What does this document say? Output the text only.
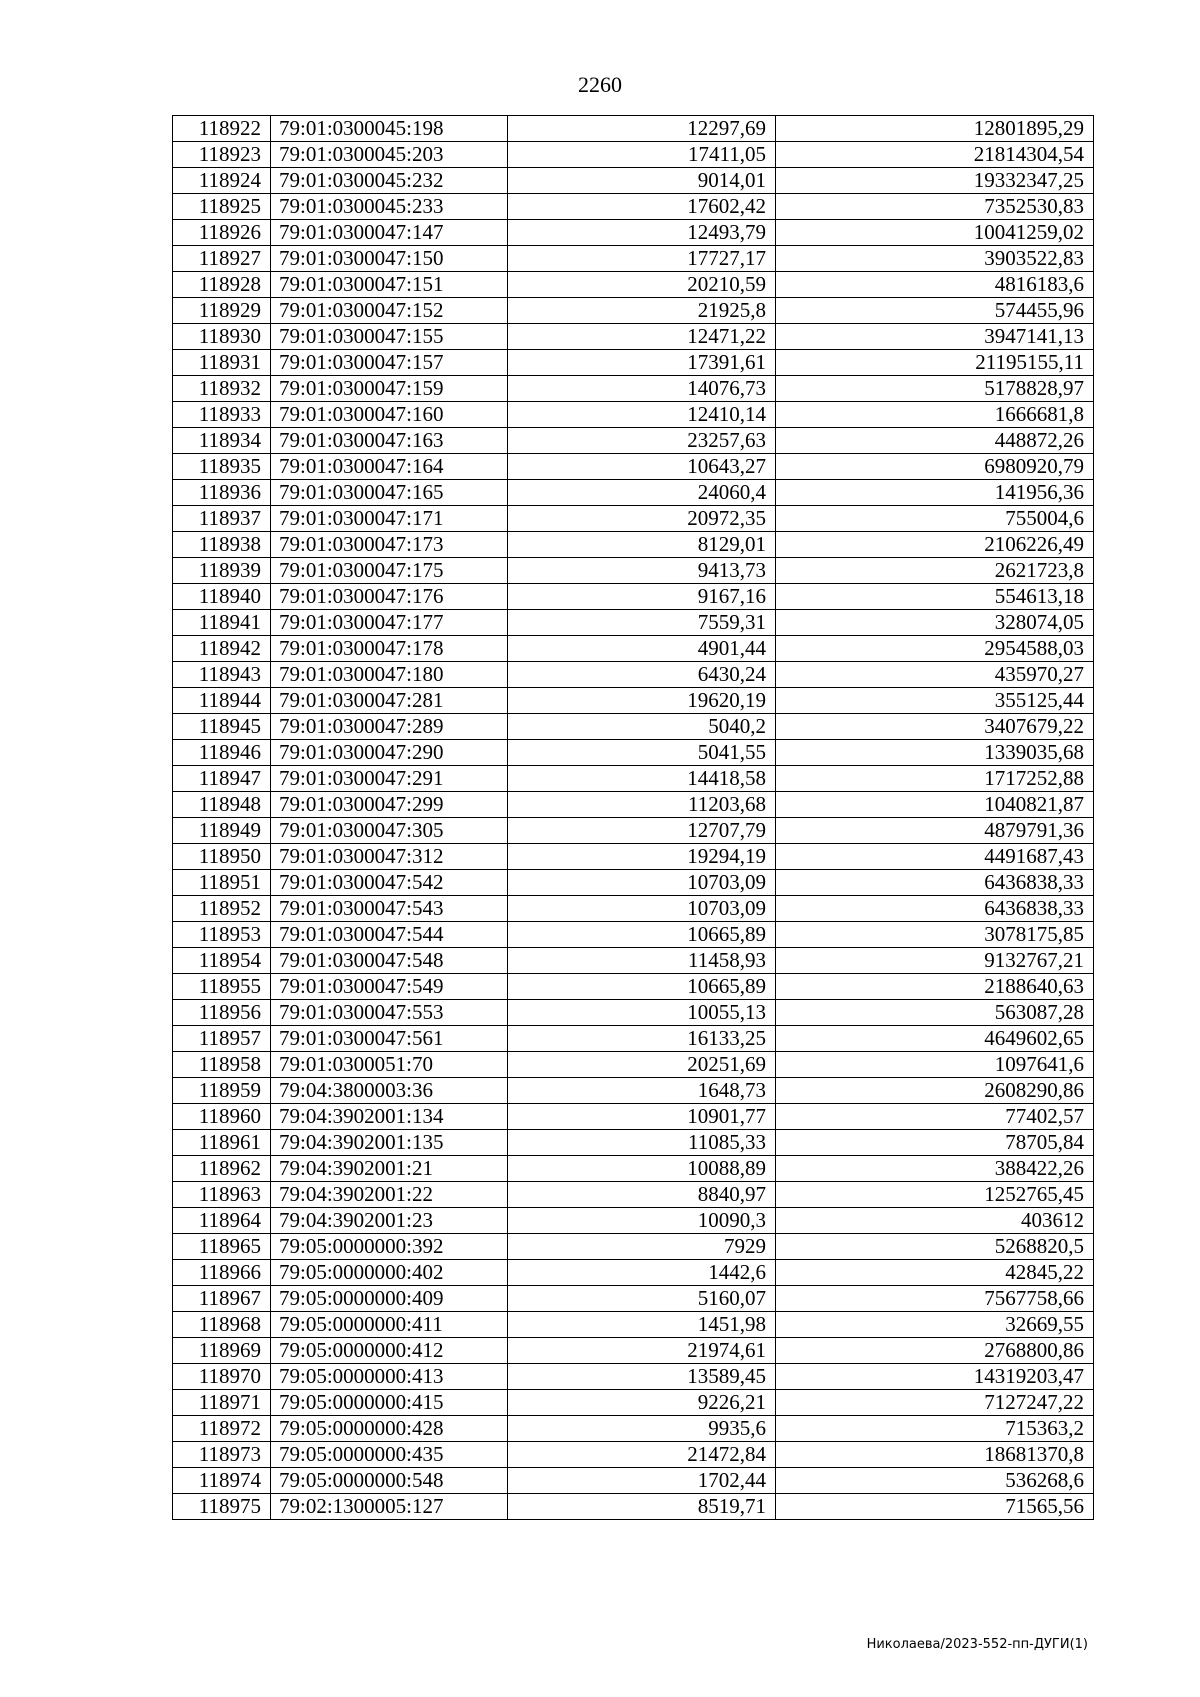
2260
118922	79:01:0300045:198	12297,69	12801895,29
118923	79:01:0300045:203	17411,05	21814304,54
118924	79:01:0300045:232	9014,01	19332347,25
118925	79:01:0300045:233	17602,42	7352530,83
118926	79:01:0300047:147	12493,79	10041259,02
118927	79:01:0300047:150	17727,17	3903522,83
118928	79:01:0300047:151	20210,59	4816183,6
118929	79:01:0300047:152	21925,8	574455,96
118930	79:01:0300047:155	12471,22	3947141,13
118931	79:01:0300047:157	17391,61	21195155,11
118932	79:01:0300047:159	14076,73	5178828,97
118933	79:01:0300047:160	12410,14	1666681,8
118934	79:01:0300047:163	23257,63	448872,26
118935	79:01:0300047:164	10643,27	6980920,79
118936	79:01:0300047:165	24060,4	141956,36
118937	79:01:0300047:171	20972,35	755004,6
118938	79:01:0300047:173	8129,01	2106226,49
118939	79:01:0300047:175	9413,73	2621723,8
118940	79:01:0300047:176	9167,16	554613,18
118941	79:01:0300047:177	7559,31	328074,05
118942	79:01:0300047:178	4901,44	2954588,03
118943	79:01:0300047:180	6430,24	435970,27
118944	79:01:0300047:281	19620,19	355125,44
118945	79:01:0300047:289	5040,2	3407679,22
118946	79:01:0300047:290	5041,55	1339035,68
118947	79:01:0300047:291	14418,58	1717252,88
118948	79:01:0300047:299	11203,68	1040821,87
118949	79:01:0300047:305	12707,79	4879791,36
118950	79:01:0300047:312	19294,19	4491687,43
118951	79:01:0300047:542	10703,09	6436838,33
118952	79:01:0300047:543	10703,09	6436838,33
118953	79:01:0300047:544	10665,89	3078175,85
118954	79:01:0300047:548	11458,93	9132767,21
118955	79:01:0300047:549	10665,89	2188640,63
118956	79:01:0300047:553	10055,13	563087,28
118957	79:01:0300047:561	16133,25	4649602,65
118958	79:01:0300051:70	20251,69	1097641,6
118959	79:04:3800003:36	1648,73	2608290,86
118960	79:04:3902001:134	10901,77	77402,57
118961	79:04:3902001:135	11085,33	78705,84
118962	79:04:3902001:21	10088,89	388422,26
118963	79:04:3902001:22	8840,97	1252765,45
118964	79:04:3902001:23	10090,3	403612
118965	79:05:0000000:392	7929	5268820,5
118966	79:05:0000000:402	1442,6	42845,22
118967	79:05:0000000:409	5160,07	7567758,66
118968	79:05:0000000:411	1451,98	32669,55
118969	79:05:0000000:412	21974,61	2768800,86
118970	79:05:0000000:413	13589,45	14319203,47
118971	79:05:0000000:415	9226,21	7127247,22
118972	79:05:0000000:428	9935,6	715363,2
118973	79:05:0000000:435	21472,84	18681370,8
118974	79:05:0000000:548	1702,44	536268,6
118975	79:02:1300005:127	8519,71	71565,56
Николаева/2023-552-пп-ДУГИ(1)
